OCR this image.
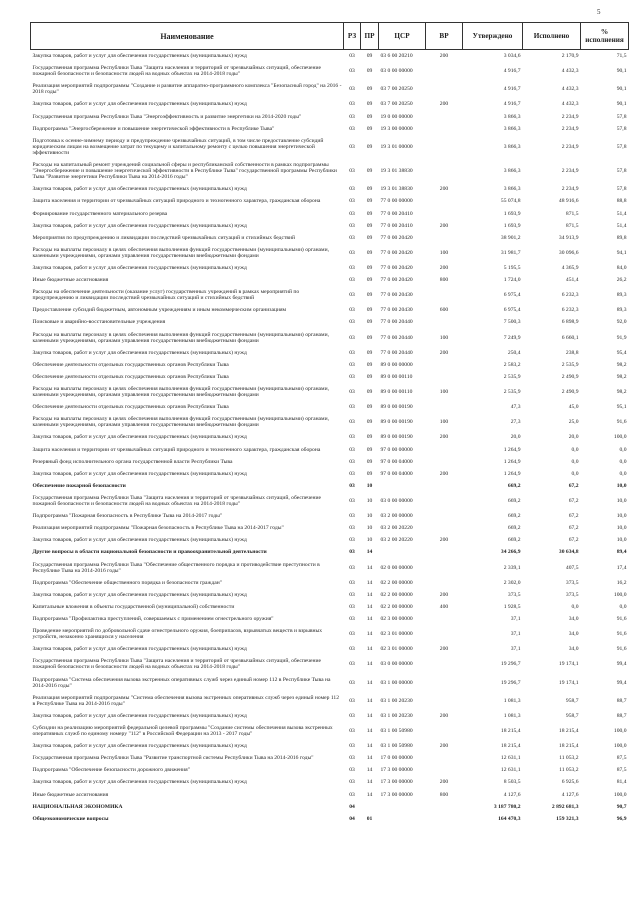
5
Наименование	РЗ	ПР	ЦСР	ВР	Утверждено	Исполнено	%
исполнения

Закупка товаров, работ и услуг для обеспечения государственных (муниципальных) нужд	03	09	03 6 00 20210	200	3 034,6	2 170,9	71,5
Государственная программа Республики Тыва "Защита населения и территорий от чрезвычайных ситуаций, обеспечение пожарной безопасности и безопасности людей на водных объектах на 2014-2018 годы"	03	09	03 0 00 00000		4 916,7	4 432,3	90,1
Реализация мероприятий подпрограммы "Создание и развитие аппаратно-программного комплекса "Безопасный город" на 2016 - 2018 годы"	03	09	03 7 00 20250		4 916,7	4 432,3	90,1
Закупка товаров, работ и услуг для обеспечения государственных (муниципальных) нужд	03	09	03 7 00 20250	200	4 916,7	4 432,3	90,1
Государственная программа Республики Тыва "Энергоэффективность и развитие энергетики на 2014-2020 годы"	03	09	19 0 00 00000		3 866,3	2 234,9	57,8
Подпрограмма "Энергосбережение и повышение энергетической эффективности в Республике Тыва"	03	09	19 3 00 00000		3 866,3	2 234,9	57,8
Подготовка к осенне-зимнему периоду и предупреждение чрезвычайных ситуаций, в том числе предоставление субсидий юридическим лицам на возмещение затрат по текущему и капитальному ремонту с целью повышения энергетической эффективности	03	09	19 3 01 00000		3 866,3	2 234,9	57,8
Расходы на капитальный ремонт учреждений социальной сферы и республиканской собственности в рамках подпрограммы "Энергосбережение и повышение энергетической эффективности в Республике Тыва" государственной программы Республики Тыва "Развитие энергетики Республики Тыва на 2014-2016 годы"	03	09	19 3 01 38830		3 866,3	2 234,9	57,8
Закупка товаров, работ и услуг для обеспечения государственных (муниципальных) нужд	03	09	19 3 01 38830	200	3 866,3	2 234,9	57,8
Защита населения и территории от чрезвычайных ситуаций природного и техногенного характера, гражданская оборона	03	09	77 0 00 00000		55 074,8	48 916,6	88,8
Формирование государственного материального резерва	03	09	77 0 00 20410		1 693,9	871,5	51,4
Закупка товаров, работ и услуг для обеспечения государственных (муниципальных) нужд	03	09	77 0 00 20410	200	1 693,9	871,5	51,4
Мероприятия по предупреждению и ликвидации последствий чрезвычайных ситуаций и стихийных бедствий	03	09	77 0 00 20420		38 901,2	34 913,9	89,8
Расходы на выплаты персоналу в целях обеспечения выполнения функций государственными (муниципальными) органами, казенными учреждениями, органами управления государственными внебюджетными фондами	03	09	77 0 00 20420	100	31 981,7	30 096,6	94,1
Закупка товаров, работ и услуг для обеспечения государственных (муниципальных) нужд	03	09	77 0 00 20420	200	5 195,5	4 365,9	84,0
Иные бюджетные ассигнования	03	09	77 0 00 20420	800	1 724,0	451,4	26,2
Расходы на обеспечение деятельности (оказание услуг) государственных учреждений в рамках мероприятий по предупреждению и ликвидации последствий чрезвычайных ситуаций и стихийных бедствий	03	09	77 0 00 20430		6 975,4	6 232,3	89,3
Предоставление субсидий бюджетным, автономным учреждениям и иным некоммерческим организациям	03	09	77 0 00 20430	600	6 975,4	6 232,3	89,3
Поисковые и аварийно-восстановительные учреждения	03	09	77 0 00 20440		7 500,3	6 898,9	92,0
Расходы на выплаты персоналу в целях обеспечения выполнения функций государственными (муниципальными) органами, казенными учреждениями, органами управления государственными внебюджетными фондами	03	09	77 0 00 20440	100	7 249,9	6 660,1	91,9
Закупка товаров, работ и услуг для обеспечения государственных (муниципальных) нужд	03	09	77 0 00 20440	200	250,4	238,8	95,4
Обеспечение деятельности отдельных государственных органов Республики Тыва	03	09	89 0 00 00000		2 583,2	2 535,9	98,2
Обеспечение деятельности отдельных государственных органов Республики Тыва	03	09	89 0 00 00110		2 535,9	2 490,9	98,2
Расходы на выплаты персоналу в целях обеспечения выполнения функций государственными (муниципальными) органами, казенными учреждениями, органами управления государственными внебюджетными фондами	03	09	89 0 00 00110	100	2 535,9	2 490,9	98,2
Обеспечение деятельности отдельных государственных органов Республики Тыва	03	09	89 0 00 00190		47,3	45,0	95,1
Расходы на выплаты персоналу в целях обеспечения выполнения функций государственными (муниципальными) органами, казенными учреждениями, органами управления государственными внебюджетными фондами	03	09	89 0 00 00190	100	27,3	25,0	91,6
Закупка товаров, работ и услуг для обеспечения государственных (муниципальных) нужд	03	09	89 0 00 00190	200	20,0	20,0	100,0
Защита населения и территории от чрезвычайных ситуаций природного и техногенного характера, гражданская оборона	03	09	97 0 00 00000		1 264,9	0,0	0,0
Резервный фонд исполнительного органа государственной власти Республики Тыва	03	09	97 0 00 04000		1 264,9	0,0	0,0
Закупка товаров, работ и услуг для обеспечения государственных (муниципальных) нужд	03	09	97 0 00 04000	200	1 264,9	0,0	0,0
Обеспечение пожарной безопасности	03	10			669,2	67,2	10,0
Государственная программа Республики Тыва "Защита населения и территорий от чрезвычайных ситуаций, обеспечение пожарной безопасности и безопасности людей на водных объектах на 2014-2018 годы"	03	10	03 0 00 00000		669,2	67,2	10,0
Подпрограмма "Пожарная безопасность в Республике Тыва на 2014-2017 годы"	03	10	03 2 00 00000		669,2	67,2	10,0
Реализация мероприятий подпрограммы "Пожарная безопасность в Республике Тыва на 2014-2017 годы"	03	10	03 2 00 20220		669,2	67,2	10,0
Закупка товаров, работ и услуг для обеспечения государственных (муниципальных) нужд	03	10	03 2 00 20220	200	669,2	67,2	10,0
Другие вопросы в области национальной безопасности и правоохранительной деятельности	03	14			34 266,9	30 634,8	89,4
Государственная программа Республики Тыва "Обеспечение общественного порядка и противодействие преступности в Республике Тыва на 2014-2016 годы"	03	14	02 0 00 00000		2 339,1	407,5	17,4
Подпрограмма "Обеспечение общественного порядка и безопасности граждан"	03	14	02 2 00 00000		2 302,0	373,5	16,2
Закупка товаров, работ и услуг для обеспечения государственных (муниципальных) нужд	03	14	02 2 00 00000	200	373,5	373,5	100,0
Капитальные вложения в объекты государственной (муниципальной) собственности	03	14	02 2 00 00000	400	1 928,5	0,0	0,0
Подпрограмма "Профилактика преступлений, совершаемых с применением огнестрельного оружия"	03	14	02 3 00 00000		37,1	34,0	91,6
Проведение мероприятий по добровольной сдаче огнестрельного оружия, боеприпасов, взрывчатых веществ и взрывных устройств, незаконно хранящихся у населения	03	14	02 3 01 00000		37,1	34,0	91,6
Закупка товаров, работ и услуг для обеспечения государственных (муниципальных) нужд	03	14	02 3 01 00000	200	37,1	34,0	91,6
Государственная программа Республики Тыва "Защита населения и территорий от чрезвычайных ситуаций, обеспечение пожарной безопасности и безопасности людей на водных объектах на 2014-2018 годы"	03	14	03 0 00 00000		19 296,7	19 174,1	99,4
Подпрограмма "Система обеспечения вызова экстренных оперативных служб через единый номер 112 в Республике Тыва на 2014-2016 годы"	03	14	03 1 00 00000		19 296,7	19 174,1	99,4
Реализация мероприятий подпрограммы "Система обеспечения вызова экстренных оперативных служб через единый номер 112 в Республике Тыва на 2014-2016 годы"	03	14	03 1 00 20230		1 081,3	958,7	88,7
Закупка товаров, работ и услуг для обеспечения государственных (муниципальных) нужд	03	14	03 1 00 20230	200	1 081,3	958,7	88,7
Субсидии на реализацию мероприятий федеральной целевой программы "Создание системы обеспечения вызова экстренных оперативных служб по единому номеру "112" в Российской Федерации на 2013 - 2017 годы"	03	14	03 1 00 50980		18 215,4	18 215,4	100,0
Закупка товаров, работ и услуг для обеспечения государственных (муниципальных) нужд	03	14	03 1 00 50980	200	18 215,4	18 215,4	100,0
Государственная программа Республики Тыва "Развитие транспортной системы Республики Тыва на 2014-2016 годы"	03	14	17 0 00 00000		12 631,1	11 053,2	87,5
Подпрограмма "Обеспечение безопасности дорожного движения"	03	14	17 3 00 00000		12 631,1	11 053,2	87,5
Закупка товаров, работ и услуг для обеспечения государственных (муниципальных) нужд	03	14	17 3 00 00000	200	8 503,5	6 925,6	81,4
Иные бюджетные ассигнования	03	14	17 3 00 00000	800	4 127,6	4 127,6	100,0
НАЦИОНАЛЬНАЯ ЭКОНОМИКА	04				3 187 780,2	2 892 681,3	90,7
Общеэкономические вопросы	04	01			164 470,3	159 321,3	96,9
